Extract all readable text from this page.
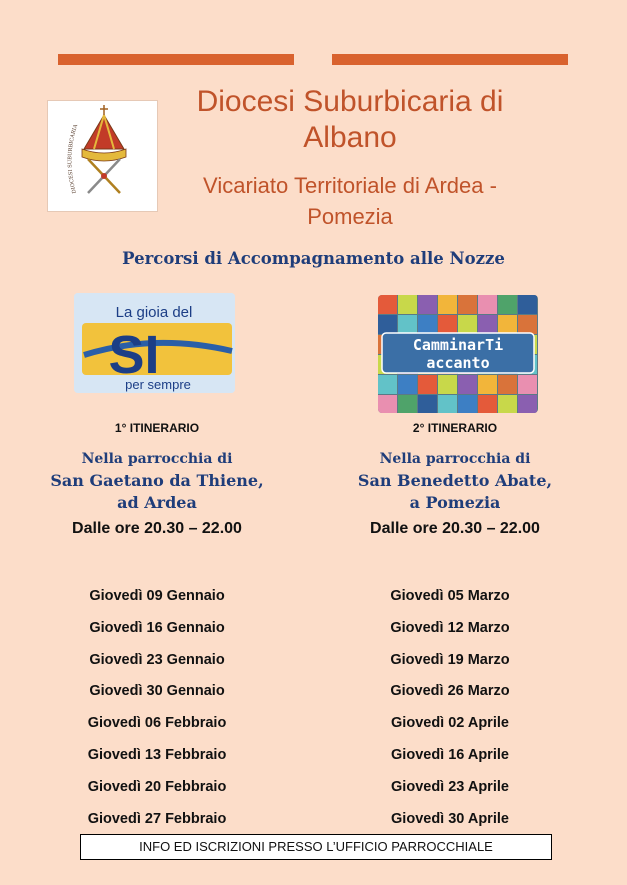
DIOCESI SUBURBICARIA
Diocesi Suburbicaria di Albano
Vicariato Territoriale di Ardea - Pomezia
Percorsi di Accompagnamento alle Nozze
La gioia del
SI
per sempre
CamminarTi
accanto
1° ITINERARIO
Nella parrocchia di
San Gaetano da Thiene,
ad Ardea
Dalle ore 20.30 – 22.00
2° ITINERARIO
Nella parrocchia di
San Benedetto Abate,
a Pomezia
Dalle ore 20.30 – 22.00
Giovedì 09 Gennaio
Giovedì 16 Gennaio
Giovedì 23 Gennaio
Giovedì 30 Gennaio
Giovedì 06 Febbraio
Giovedì 13 Febbraio
Giovedì 20 Febbraio
Giovedì 27 Febbraio
Giovedì 05 Marzo
Giovedì 12 Marzo
Giovedì 19 Marzo
Giovedì 26 Marzo
Giovedì 02 Aprile
Giovedì 16 Aprile
Giovedì 23 Aprile
Giovedì 30 Aprile
INFO ED ISCRIZIONI PRESSO L’UFFICIO PARROCCHIALE
